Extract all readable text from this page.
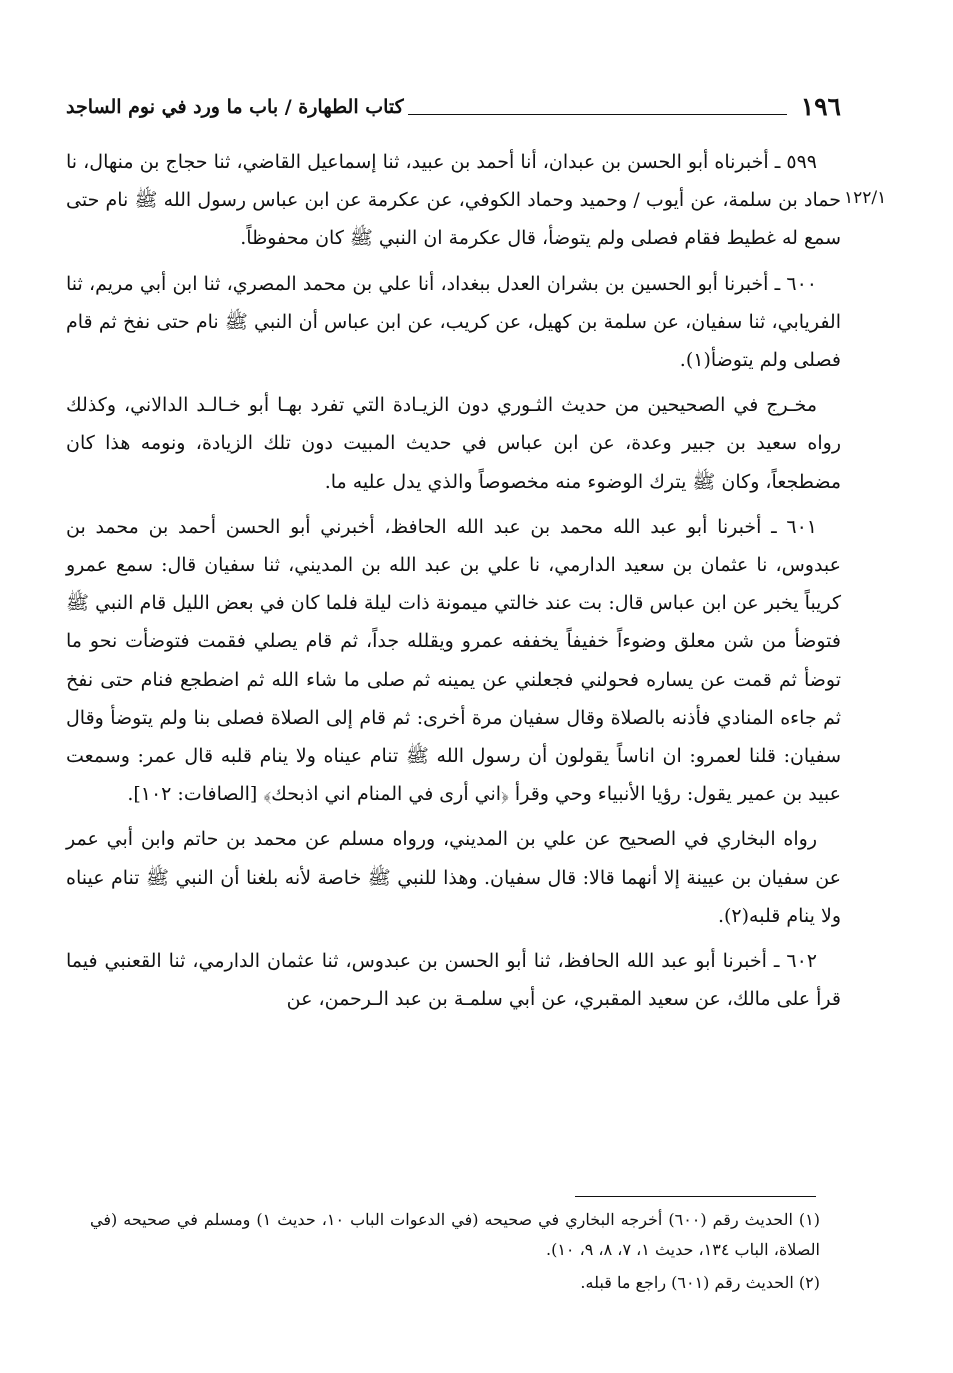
١٩٦
كتاب الطهارة / باب ما ورد في نوم الساجد
١٢٢/١

٥٩٩ ـ أخبرناه أبو الحسن بن عبدان، أنا أحمد بن عبيد، ثنا إسماعيل القاضي، ثنا حجاج بن منهال، نا حماد بن سلمة، عن أيوب / وحميد وحماد الكوفي، عن عكرمة عن ابن عباس رسول الله ﷺ نام حتى سمع له غطيط فقام فصلى ولم يتوضأ، قال عكرمة ان النبي ﷺ كان محفوظاً.

٦٠٠ ـ أخبرنا أبو الحسين بن بشران العدل ببغداد، أنا علي بن محمد المصري، ثنا ابن أبي مريم، ثنا الفريابي، ثنا سفيان، عن سلمة بن كهيل، عن كريب، عن ابن عباس أن النبي ﷺ نام حتى نفخ ثم قام فصلى ولم يتوضأ(١).

مخـرج في الصحيحين من حديث الثـوري دون الزيـادة التي تفرد بهـا أبو خـالـد الدالاني، وكذلك رواه سعيد بن جبير وعدة، عن ابن عباس في حديث المبيت دون تلك الزيادة، ونومه هذا كان مضطجعاً، وكان ﷺ يترك الوضوء منه مخصوصاً والذي يدل عليه ما.

٦٠١ ـ أخبرنا أبو عبد الله محمد بن عبد الله الحافظ، أخبرني أبو الحسن أحمد بن محمد بن عبدوس، نا عثمان بن سعيد الدارمي، نا علي بن عبد الله بن المديني، ثنا سفيان قال: سمع عمرو كريباً يخبر عن ابن عباس قال: بت عند خالتي ميمونة ذات ليلة فلما كان في بعض الليل قام النبي ﷺ فتوضأ من شن معلق وضوءاً خفيفاً يخففه عمرو ويقلله جداً، ثم قام يصلي فقمت فتوضأت نحو ما توضأ ثم قمت عن يساره فحولني فجعلني عن يمينه ثم صلى ما شاء الله ثم اضطجع فنام حتى نفخ ثم جاءه المنادي فأذنه بالصلاة وقال سفيان مرة أخرى: ثم قام إلى الصلاة فصلى بنا ولم يتوضأ وقال سفيان: قلنا لعمرو: ان اناساً يقولون أن رسول الله ﷺ تنام عيناه ولا ينام قلبه قال عمر: وسمعت عبيد بن عمير يقول: رؤيا الأنبياء وحي وقرأ ﴿اني أرى في المنام اني اذبحك﴾ [الصافات: ١٠٢].

رواه البخاري في الصحيح عن علي بن المديني، ورواه مسلم عن محمد بن حاتم وابن أبي عمر عن سفيان بن عيينة إلا أنهما قالا: قال سفيان. وهذا للنبي ﷺ خاصة لأنه بلغنا أن النبي ﷺ تنام عيناه ولا ينام قلبه(٢).

٦٠٢ ـ أخبرنا أبو عبد الله الحافظ، ثنا أبو الحسن بن عبدوس، ثنا عثمان الدارمي، ثنا القعنبي فيما قرأ على مالك، عن سعيد المقبري، عن أبي سلمـة بن عبد الـرحمن، عن

(١) الحديث رقم (٦٠٠) أخرجه البخاري في صحيحه (في الدعوات الباب ١٠، حديث ١) ومسلم في صحيحه (في الصلاة، الباب ١٣٤، حديث ١، ٧، ٨، ٩، ١٠).

(٢) الحديث رقم (٦٠١) راجع ما قبله.
